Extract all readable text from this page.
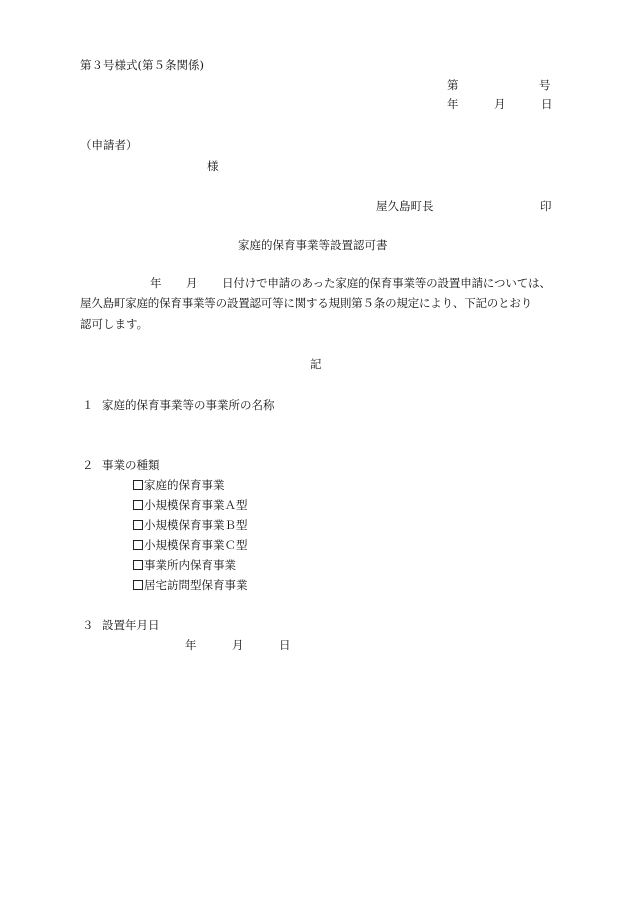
第３号様式(第５条関係)
第	号
年	月	日
（申請者）
様
屋久島町長	印
家庭的保育事業等設置認可書
年 月 日付けで申請のあった家庭的保育事業等の設置申請については、
屋久島町家庭的保育事業等の設置認可等に関する規則第５条の規定により、下記のとおり
認可します。
記
１ 家庭的保育事業等の事業所の名称
２ 事業の種類
家庭的保育事業
小規模保育事業Ａ型
小規模保育事業Ｂ型
小規模保育事業Ｃ型
事業所内保育事業
居宅訪問型保育事業
３ 設置年月日
年	月	日
